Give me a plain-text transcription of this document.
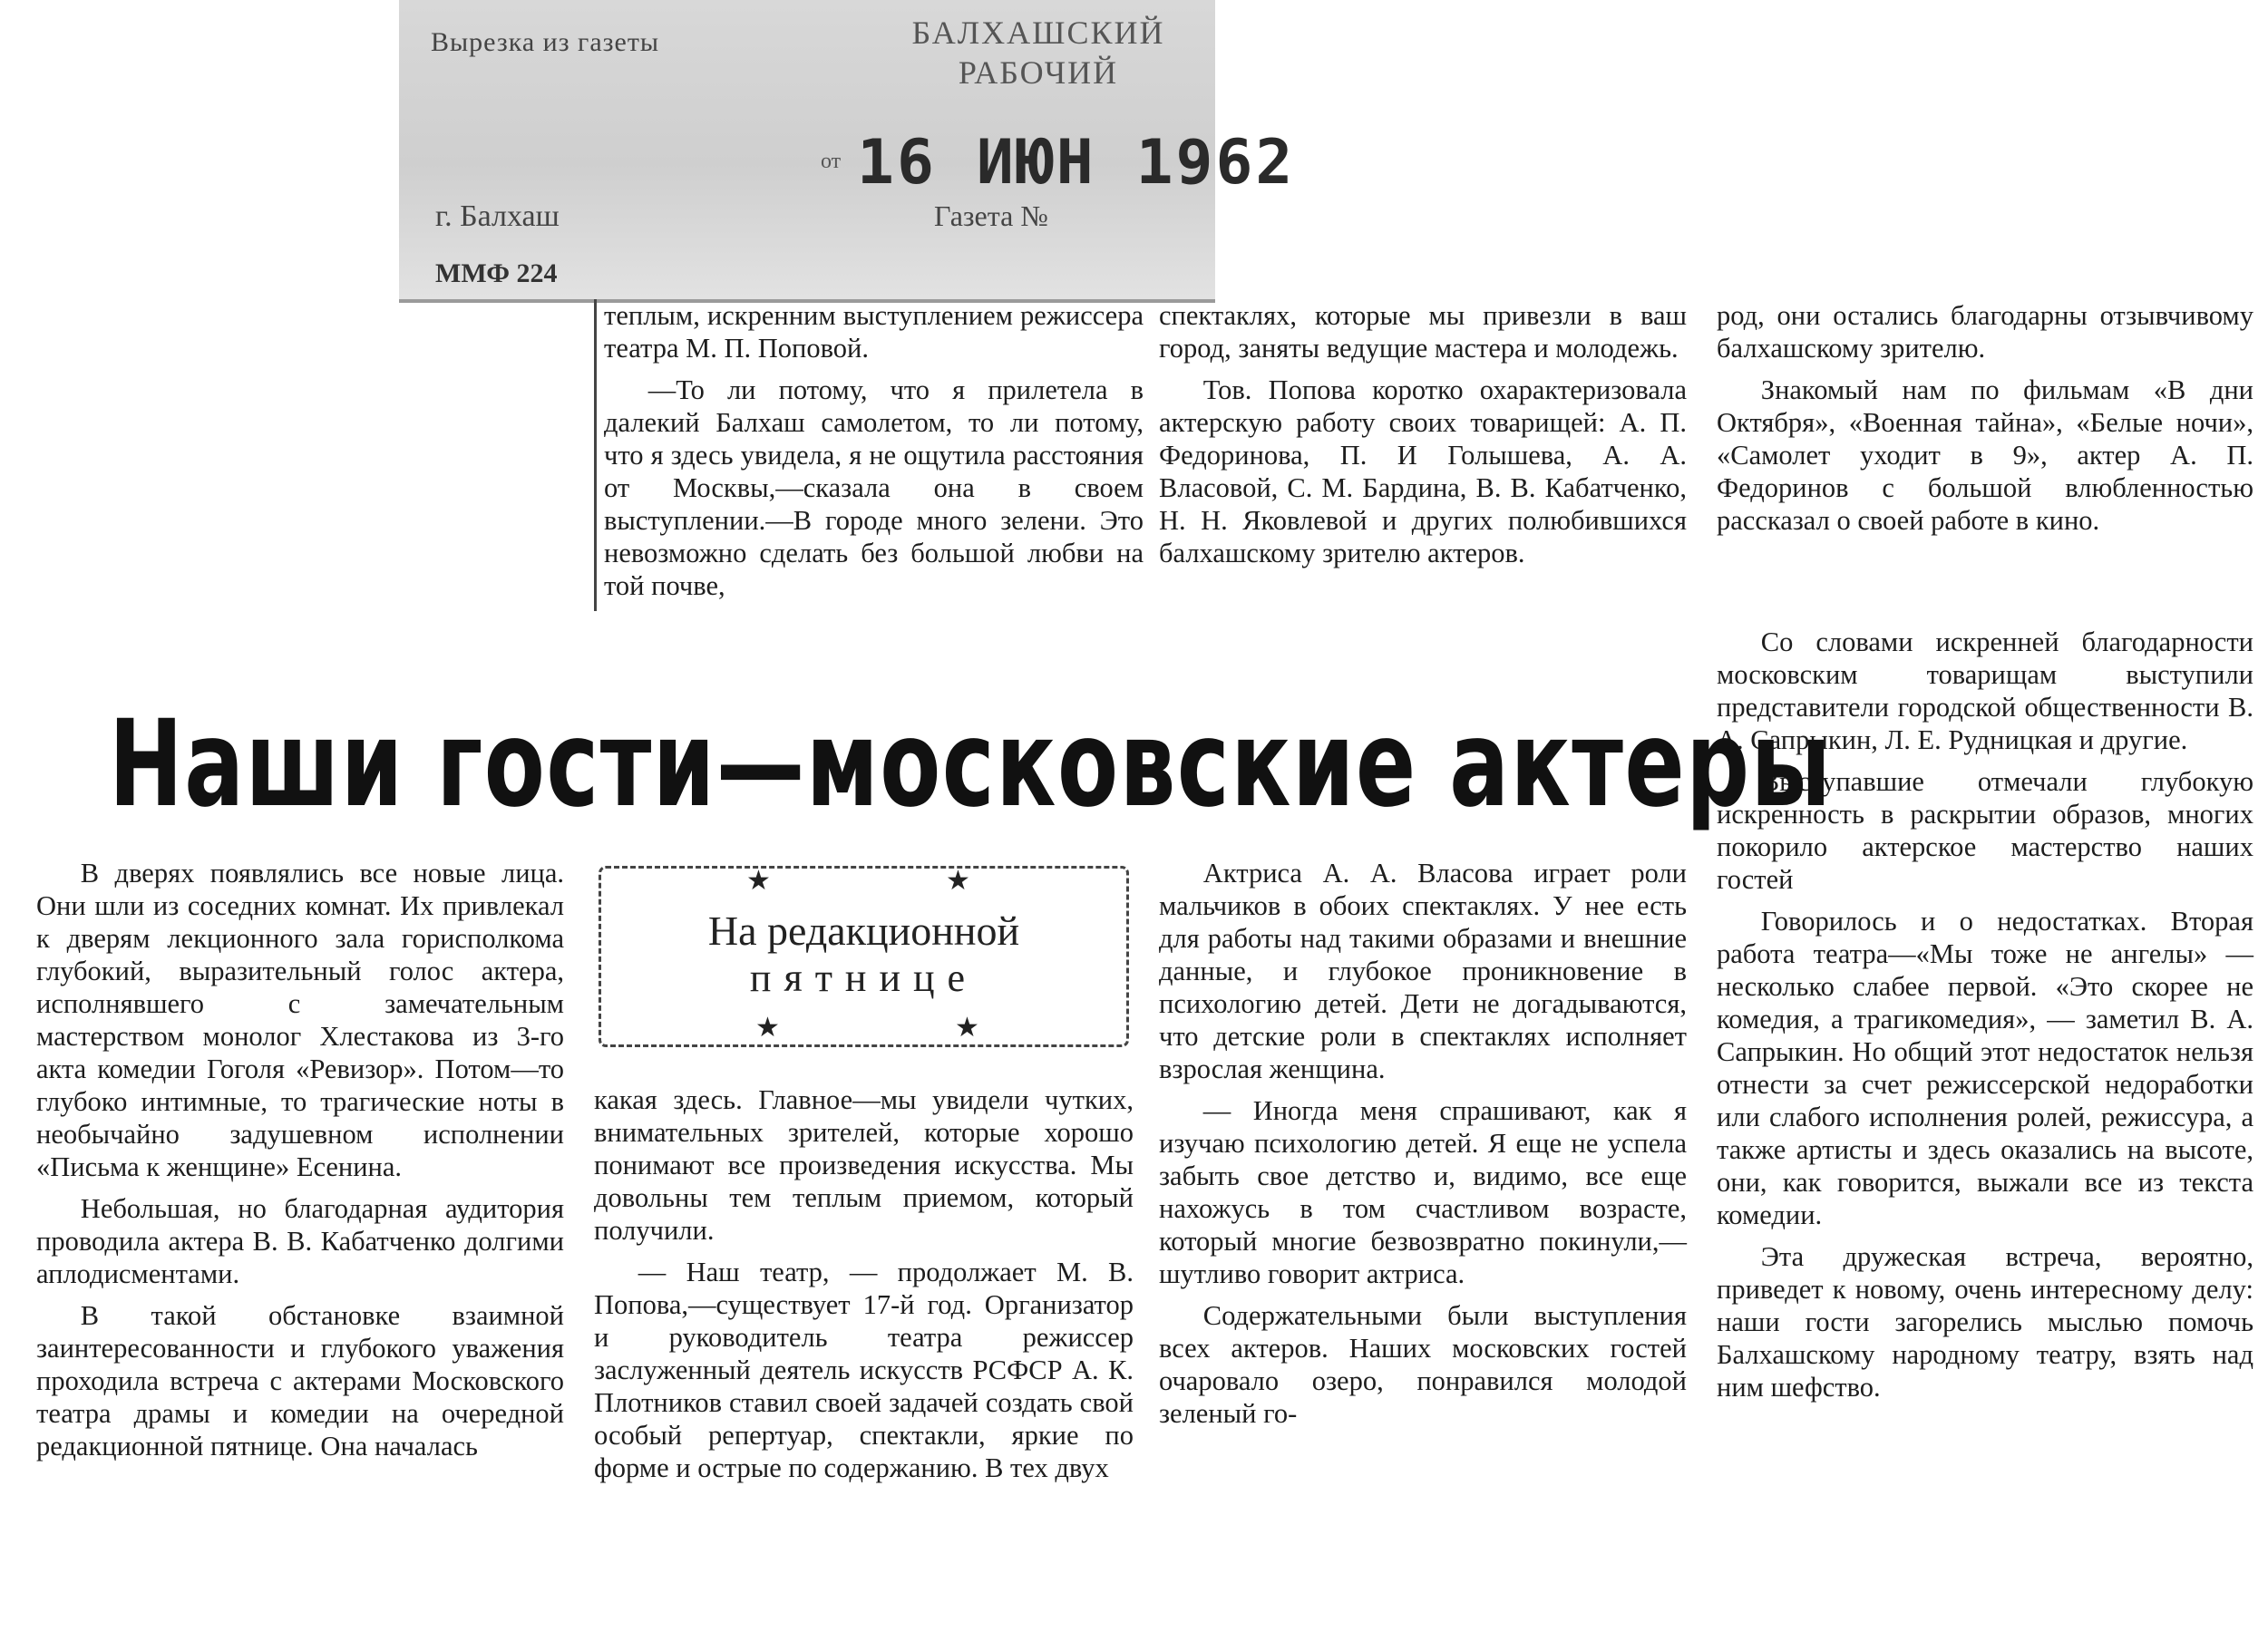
Вырезка из газеты	БАЛХАШСКИЙ РАБОЧИЙ
от 16 ИЮН 1962
г. Балхаш	Газета №
ММФ 224

теплым, искренним выступлением режиссера театра М. П. Поповой.

—То ли потому, что я прилетела в далекий Балхаш самолетом, то ли потому, что я здесь увидела, я не ощутила расстояния от Москвы,—сказала она в своем выступлении.—В городе много зелени. Это невозможно сделать без большой любви на той почве,

спектаклях, которые мы привезли в ваш город, заняты ведущие мастера и молодежь.

Тов. Попова коротко охарактеризовала актерскую работу своих товарищей: А. П. Федоринова, П. И Голышева, А. А. Власовой, С. М. Бардина, В. В. Кабатченко, Н. Н. Яковлевой и других полюбившихся балхашскому зрителю актеров.

род, они остались благодарны отзывчивому балхашскому зрителю.

Знакомый нам по фильмам «В дни Октября», «Военная тайна», «Белые ночи», «Самолет уходит в 9», актер А. П. Федоринов с большой влюбленностью рассказал о своей работе в кино.

Со словами искренней благодарности московским товарищам выступили представители городской общественности В. А. Сапрыкин, Л. Е. Рудницкая и другие.

Выступавшие отмечали глубокую искренность в раскрытии образов, многих покорило актерское мастерство наших гостей

Говорилось и о недостатках. Вторая работа театра—«Мы тоже не ангелы» — несколько слабее первой. «Это скорее не комедия, а трагикомедия», — заметил В. А. Сапрыкин. Но общий этот недостаток нельзя отнести за счет режиссерской недоработки или слабого исполнения ролей, режиссура, а также артисты и здесь оказались на высоте, они, как говорится, выжали все из текста комедии.

Эта дружеская встреча, вероятно, приведет к новому, очень интересному делу: наши гости загорелись мыслью помочь Балхашскому народному театру, взять над ним шефство.

Наши гости—московские актеры
★	★
На редакционной
пятнице
★	★

В дверях появлялись все новые лица. Они шли из соседних комнат. Их привлекал к дверям лекционного зала горисполкома глубокий, выразительный голос актера, исполнявшего с замечательным мастерством монолог Хлестакова из 3-го акта комедии Гоголя «Ревизор». Потом—то глубоко интимные, то трагические ноты в необычайно задушевном исполнении «Письма к женщине» Есенина.

Небольшая, но благодарная аудитория проводила актера В. В. Кабатченко долгими аплодисментами.

В такой обстановке взаимной заинтересованности и глубокого уважения проходила встреча с актерами Московского театра драмы и комедии на очередной редакционной пятнице. Она началась

какая здесь. Главное—мы увидели чутких, внимательных зрителей, которые хорошо понимают все произведения искусства. Мы довольны тем теплым приемом, который получили.

— Наш театр, — продолжает М. В. Попова,—существует 17-й год. Организатор и руководитель театра режиссер заслуженный деятель искусств РСФСР А. К. Плотников ставил своей задачей создать свой особый репертуар, спектакли, яркие по форме и острые по содержанию. В тех двух

Актриса А. А. Власова играет роли мальчиков в обоих спектаклях. У нее есть для работы над такими образами и внешние данные, и глубокое проникновение в психологию детей. Дети не догадываются, что детские роли в спектаклях исполняет взрослая женщина.

— Иногда меня спрашивают, как я изучаю психологию детей. Я еще не успела забыть свое детство и, видимо, все еще нахожусь в том счастливом возрасте, который многие безвозвратно покинули,—шутливо говорит актриса.

Содержательными были выступления всех актеров. Наших московских гостей очаровало озеро, понравился молодой зеленый го-
